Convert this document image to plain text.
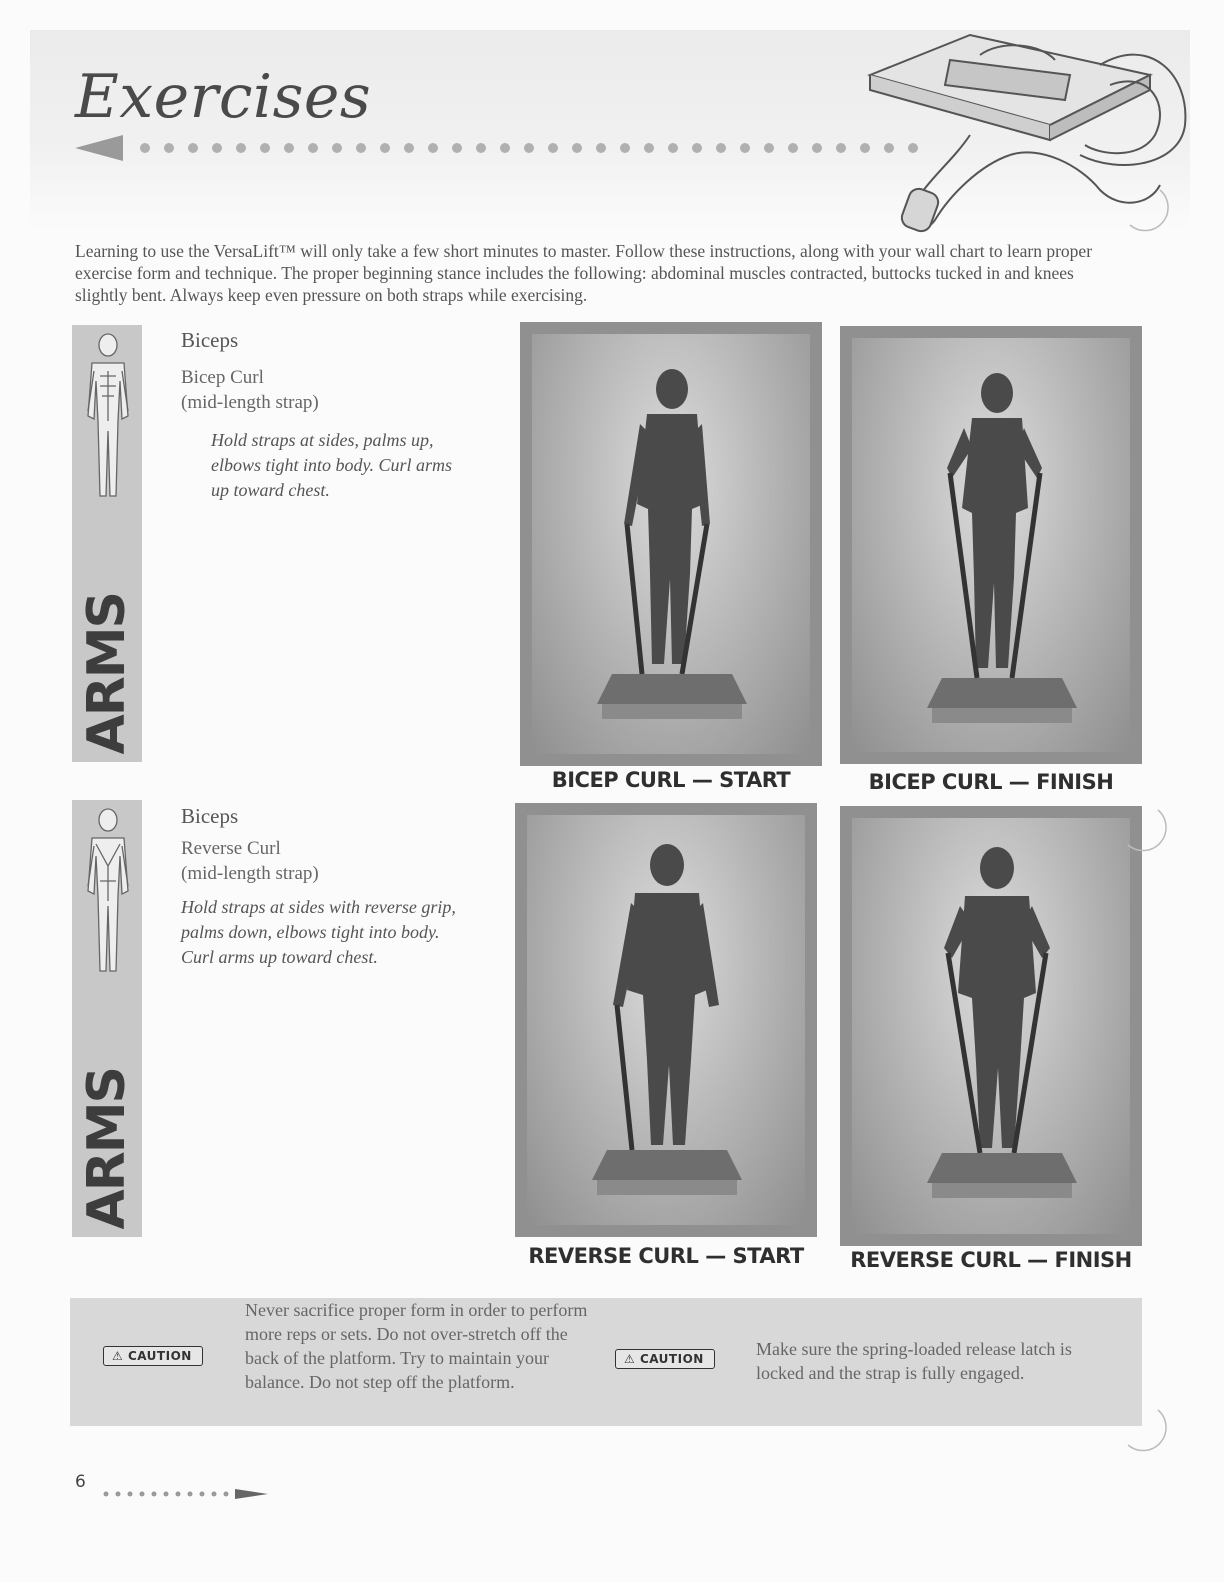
Exercises
Learning to use the VersaLift™ will only take a few short minutes to master. Follow these instructions, along with your wall chart to learn proper exercise form and technique. The proper beginning stance includes the following: abdominal muscles contracted, buttocks tucked in and knees slightly bent. Always keep even pressure on both straps while exercising.
ARMS
Biceps
Bicep Curl
(mid-length strap)
Hold straps at sides, palms up, elbows tight into body. Curl arms up toward chest.
BICEP CURL — START	BICEP CURL — FINISH
ARMS
Biceps
Reverse Curl
(mid-length strap)
Hold straps at sides with reverse grip, palms down, elbows tight into body. Curl arms up toward chest.
REVERSE CURL — START	REVERSE CURL — FINISH
⚠ CAUTION
Never sacrifice proper form in order to perform more reps or sets. Do not over-stretch off the back of the platform. Try to maintain your balance. Do not step off the platform.
⚠ CAUTION	Make sure the spring-loaded release latch is locked and the strap is fully engaged.
6
